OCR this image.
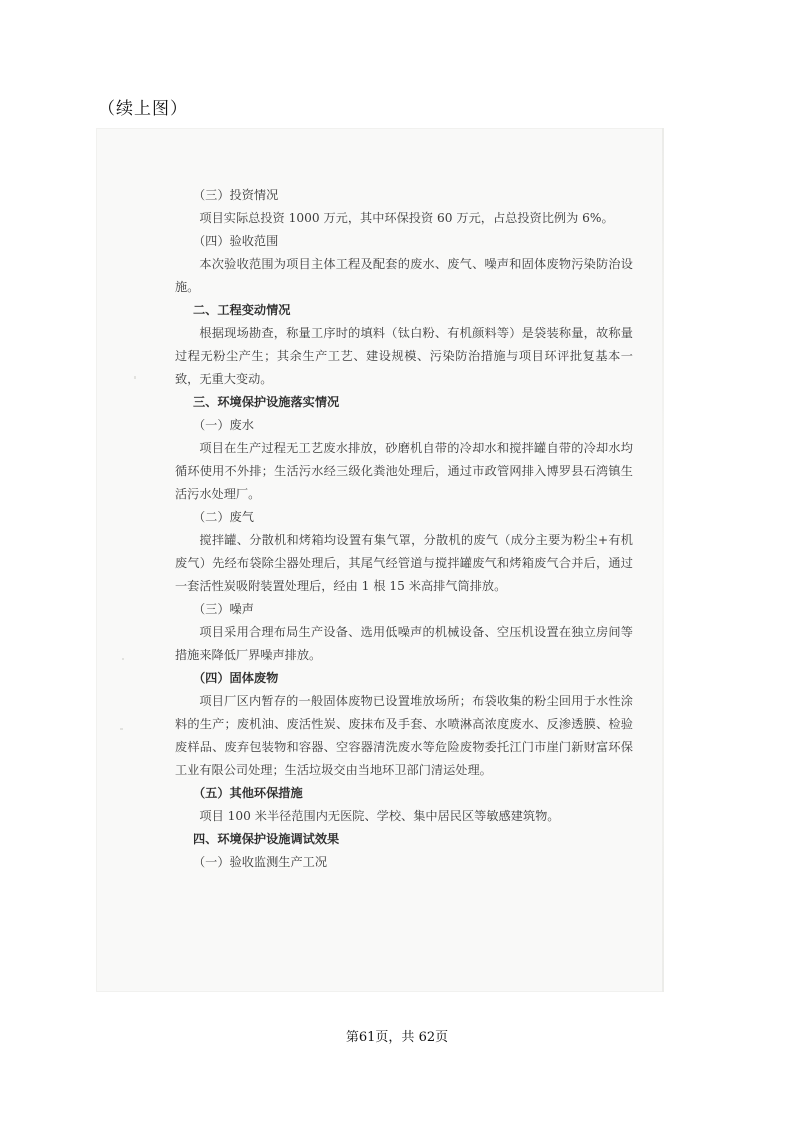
（续上图）
（三）投资情况
项目实际总投资 1000 万元，其中环保投资 60 万元，占总投资比例为 6%。
（四）验收范围
本次验收范围为项目主体工程及配套的废水、废气、噪声和固体废物污染防治设施。
二、工程变动情况
根据现场勘查，称量工序时的填料（钛白粉、有机颜料等）是袋装称量，故称量过程无粉尘产生；其余生产工艺、建设规模、污染防治措施与项目环评批复基本一致，无重大变动。
三、环境保护设施落实情况
（一）废水
项目在生产过程无工艺废水排放，砂磨机自带的冷却水和搅拌罐自带的冷却水均循环使用不外排；生活污水经三级化粪池处理后，通过市政管网排入博罗县石湾镇生活污水处理厂。
（二）废气
搅拌罐、分散机和烤箱均设置有集气罩，分散机的废气（成分主要为粉尘+有机废气）先经布袋除尘器处理后，其尾气经管道与搅拌罐废气和烤箱废气合并后，通过一套活性炭吸附装置处理后，经由 1 根 15 米高排气筒排放。
（三）噪声
项目采用合理布局生产设备、选用低噪声的机械设备、空压机设置在独立房间等措施来降低厂界噪声排放。
（四）固体废物
项目厂区内暂存的一般固体废物已设置堆放场所；布袋收集的粉尘回用于水性涂料的生产；废机油、废活性炭、废抹布及手套、水喷淋高浓度废水、反渗透膜、检验废样品、废弃包装物和容器、空容器清洗废水等危险废物委托江门市崖门新财富环保工业有限公司处理；生活垃圾交由当地环卫部门清运处理。
（五）其他环保措施
项目 100 米半径范围内无医院、学校、集中居民区等敏感建筑物。
四、环境保护设施调试效果
（一）验收监测生产工况
第61页，共 62页
